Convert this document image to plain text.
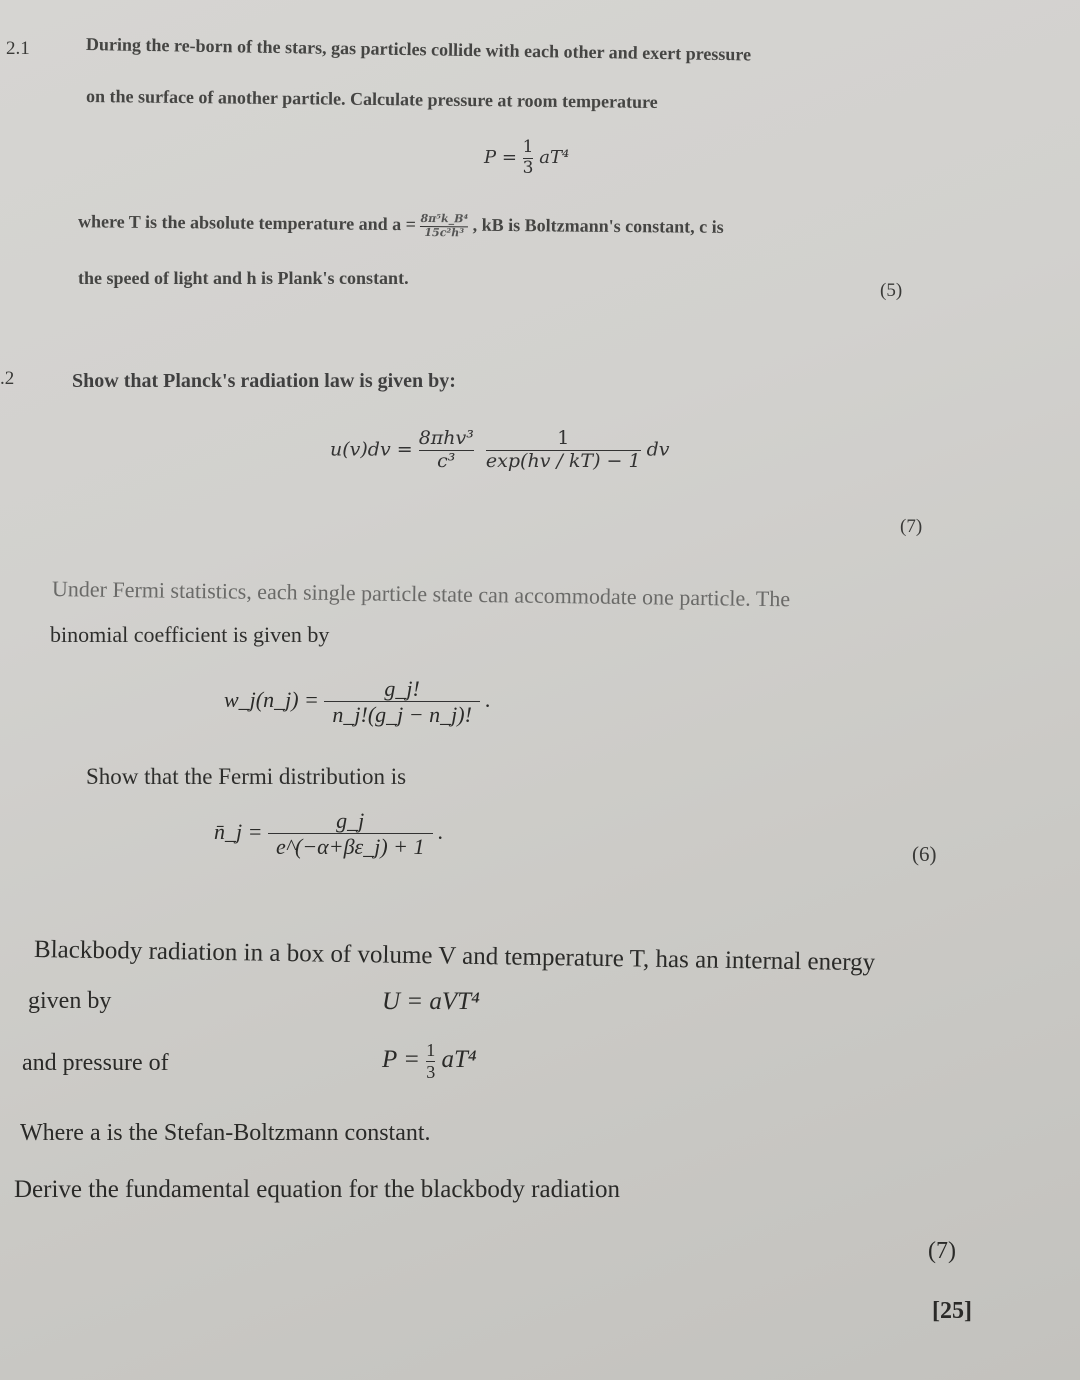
2.1	During the re-born of the stars, gas particles collide with each other and exert pressure
on the surface of another particle. Calculate pressure at room temperature
$P = \frac{1}{3} aT^4$
where T is the absolute temperature and $a = \frac{\text{8π⁵k\_B⁴}}{\text{15c²h³}}$ , kB is Boltzmann's constant, c is
the speed of light and h is Plank's constant.
(5)
.2	Show that Planck's radiation law is given by:
$u(v)dv = \frac{\text{8πhv³}}{\text{c³}}$
$\frac{1}{\exp(hv / kT) - 1}$ dv
(7)
Under Fermi statistics, each single particle state can accommodate one particle. The
binomial coefficient is given by
w_j(n_j) = $\frac{g\_j!}{n\_j!(g\_j - n\_j)!}$ .
Show that the Fermi distribution is
n̄_j = $\frac{g\_j}{e\^{}(-\alpha+\beta\varepsilon\_j) + 1}$ .
(6)
Blackbody radiation in a box of volume V and temperature T, has an internal energy
given by	U = aVT⁴
and pressure of	$P = \frac{1}{3} aT^4$
Where a is the Stefan-Boltzmann constant.
Derive the fundamental equation for the blackbody radiation
(7)
[25]
